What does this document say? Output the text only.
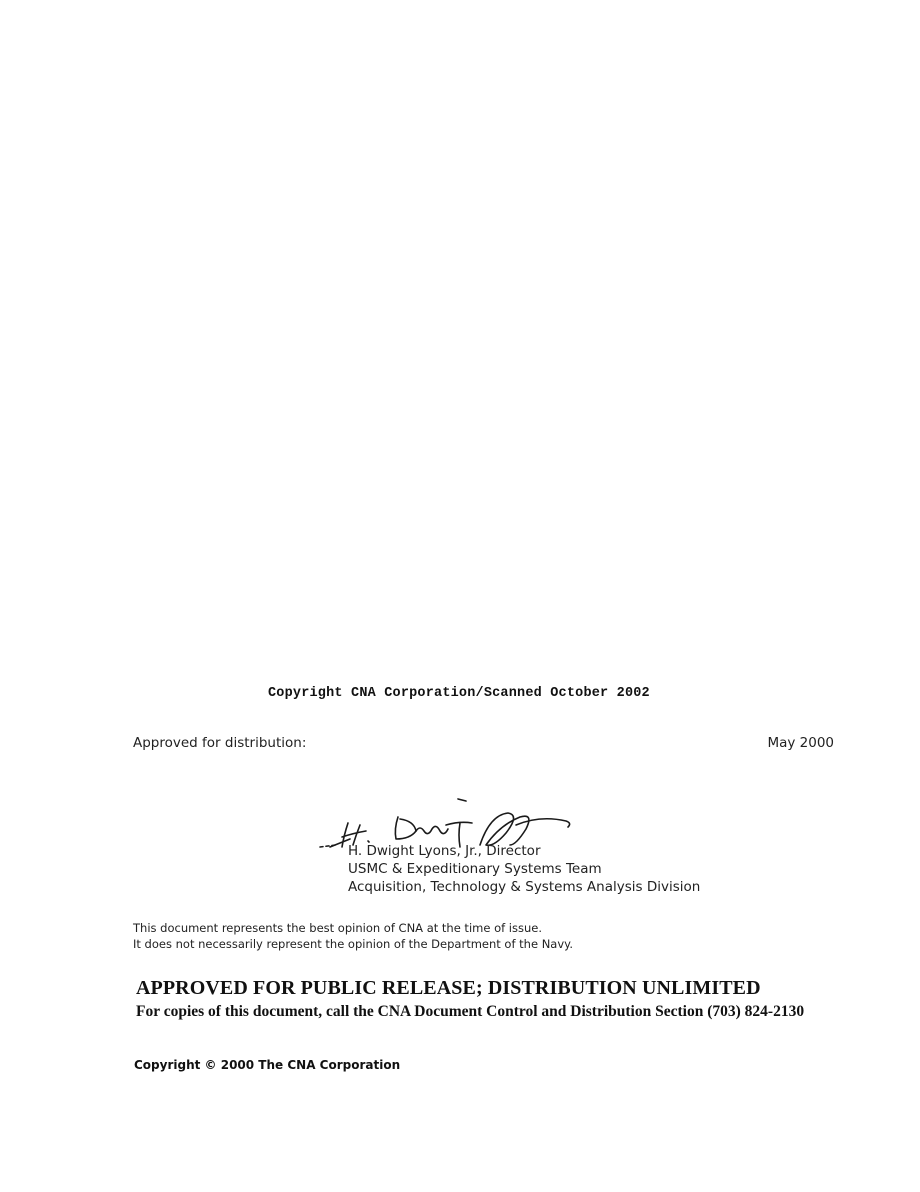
Copyright CNA Corporation/Scanned October 2002
Approved for distribution:	May 2000
H. Dwight Lyons, Jr., Director
USMC & Expeditionary Systems Team
Acquisition, Technology & Systems Analysis Division
This document represents the best opinion of CNA at the time of issue.
It does not necessarily represent the opinion of the Department of the Navy.
APPROVED FOR PUBLIC RELEASE; DISTRIBUTION UNLIMITED
For copies of this document, call the CNA Document Control and Distribution Section (703) 824-2130
Copyright © 2000 The CNA Corporation
